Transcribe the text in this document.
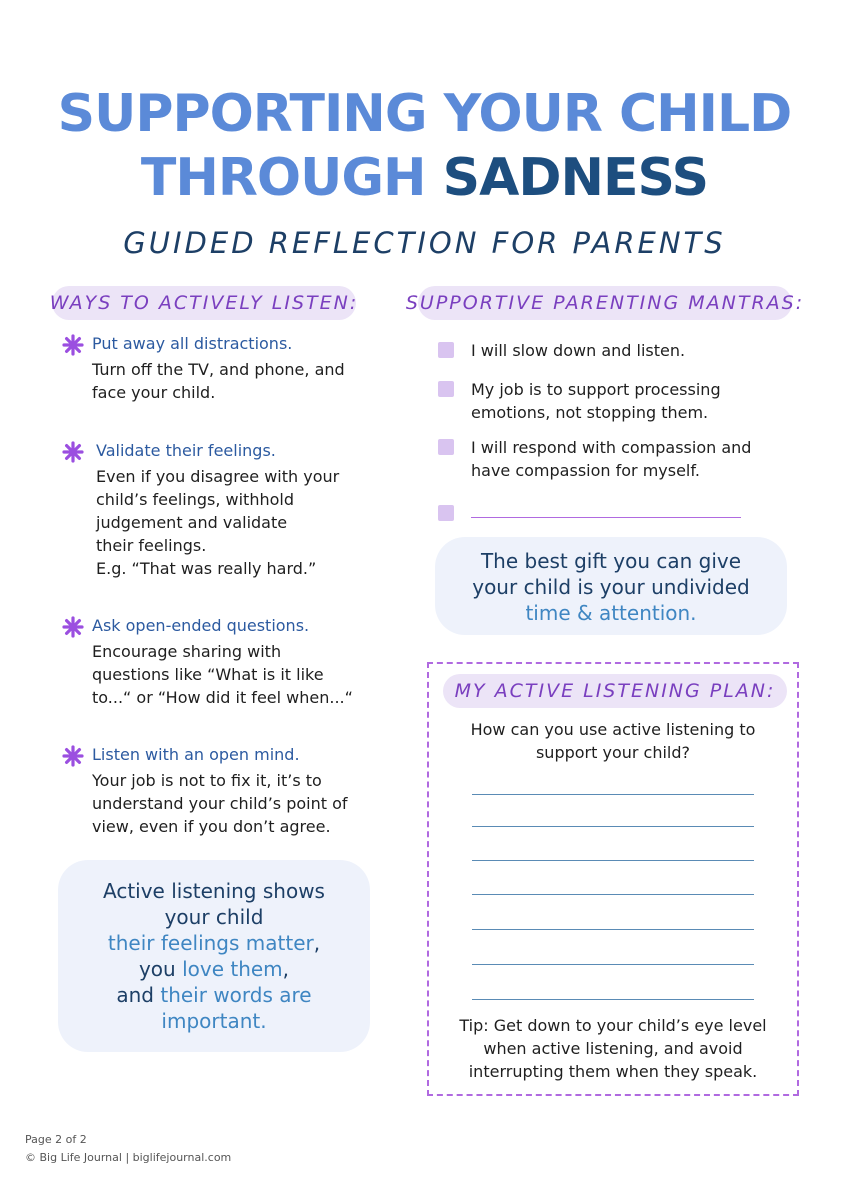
SUPPORTING YOUR CHILD
THROUGH SADNESS
GUIDED REFLECTION FOR PARENTS
WAYS TO ACTIVELY LISTEN:
Put away all distractions.
Turn off the TV, and phone, and
face your child.
Validate their feelings.
Even if you disagree with your
child’s feelings, withhold
judgement and validate
their feelings.
E.g. “That was really hard.”
Ask open-ended questions.
Encourage sharing with
questions like “What is it like
to...“ or “How did it feel when...“
Listen with an open mind.
Your job is not to fix it, it’s to
understand your child’s point of
view, even if you don’t agree.
Active listening shows
your child
their feelings matter,
you love them,
and their words are
important.
SUPPORTIVE PARENTING MANTRAS:
I will slow down and listen.
My job is to support processing
emotions, not stopping them.
I will respond with compassion and
have compassion for myself.
The best gift you can give
your child is your undivided
time & attention.
MY ACTIVE LISTENING PLAN:
How can you use active listening to
support your child?
Tip: Get down to your child’s eye level
when active listening, and avoid
interrupting them when they speak.
Page 2 of 2
© Big Life Journal | biglifejournal.com
